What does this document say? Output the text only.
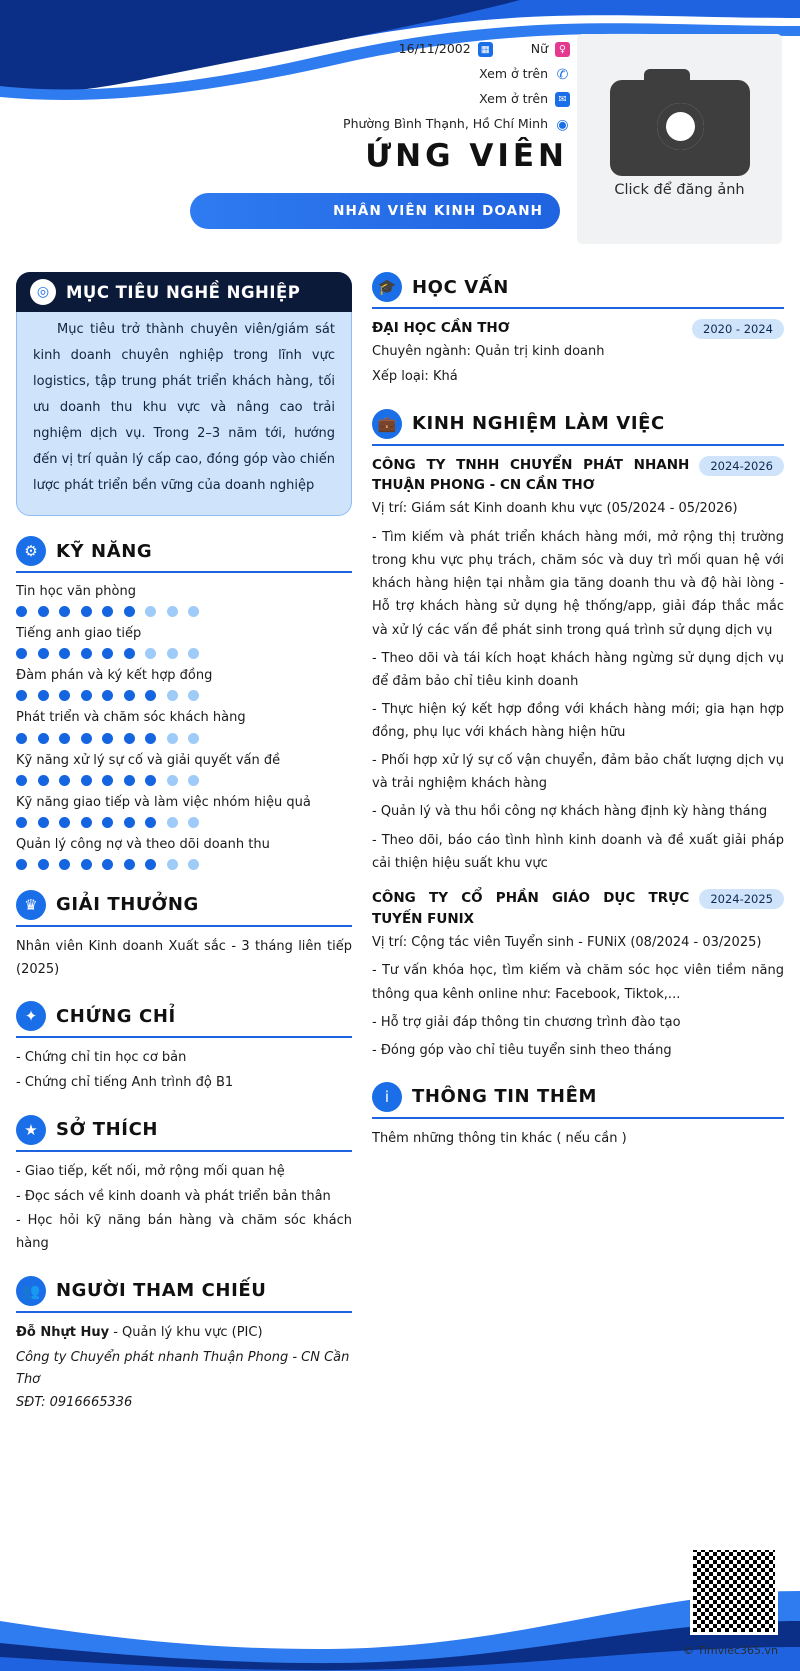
16/11/2002	▦	Nữ	♀
Xem ở trên ✆
Xem ở trên	✉
Phường Bình Thạnh, Hồ Chí Minh ◉
ỨNG VIÊN
NHÂN VIÊN KINH DOANH
Click để đăng ảnh
◎	MỤC TIÊU NGHỀ NGHIỆP
Mục tiêu trở thành chuyên viên/giám sát kinh doanh chuyên nghiệp trong lĩnh vực logistics, tập trung phát triển khách hàng, tối ưu doanh thu khu vực và nâng cao trải nghiệm dịch vụ. Trong 2–3 năm tới, hướng đến vị trí quản lý cấp cao, đóng góp vào chiến lược phát triển bền vững của doanh nghiệp
⚙	KỸ NĂNG
Tin học văn phòng
Tiếng anh giao tiếp
Đàm phán và ký kết hợp đồng
Phát triển và chăm sóc khách hàng
Kỹ năng xử lý sự cố và giải quyết vấn đề
Kỹ năng giao tiếp và làm việc nhóm hiệu quả
Quản lý công nợ và theo dõi doanh thu
♛	GIẢI THƯỞNG
Nhân viên Kinh doanh Xuất sắc - 3 tháng liên tiếp (2025)
✦	CHỨNG CHỈ
- Chứng chỉ tin học cơ bản
- Chứng chỉ tiếng Anh trình độ B1
★	SỞ THÍCH
- Giao tiếp, kết nối, mở rộng mối quan hệ
- Đọc sách về kinh doanh và phát triển bản thân
- Học hỏi kỹ năng bán hàng và chăm sóc khách hàng
👥 NGƯỜI THAM CHIẾU
Đỗ Nhựt Huy - Quản lý khu vực (PIC)
Công ty Chuyển phát nhanh Thuận Phong - CN Cần Thơ
SĐT: 0916665336
🎓 HỌC VẤN
ĐẠI HỌC CẦN THƠ	2020 - 2024
Chuyên ngành: Quản trị kinh doanh
Xếp loại: Khá
💼 KINH NGHIỆM LÀM VIỆC
CÔNG TY TNHH CHUYỂN PHÁT NHANH THUẬN PHONG - CN CẦN THƠ
2024-2026
Vị trí: Giám sát Kinh doanh khu vực (05/2024 - 05/2026)
- Tìm kiếm và phát triển khách hàng mới, mở rộng thị trường trong khu vực phụ trách, chăm sóc và duy trì mối quan hệ với khách hàng hiện tại nhằm gia tăng doanh thu và độ hài lòng - Hỗ trợ khách hàng sử dụng hệ thống/app, giải đáp thắc mắc và xử lý các vấn đề phát sinh trong quá trình sử dụng dịch vụ
- Theo dõi và tái kích hoạt khách hàng ngừng sử dụng dịch vụ để đảm bảo chỉ tiêu kinh doanh
- Thực hiện ký kết hợp đồng với khách hàng mới; gia hạn hợp đồng, phụ lục với khách hàng hiện hữu
- Phối hợp xử lý sự cố vận chuyển, đảm bảo chất lượng dịch vụ và trải nghiệm khách hàng
- Quản lý và thu hồi công nợ khách hàng định kỳ hàng tháng
- Theo dõi, báo cáo tình hình kinh doanh và đề xuất giải pháp cải thiện hiệu suất khu vực
CÔNG TY CỔ PHẦN GIÁO DỤC TRỰC TUYẾN FUNIX
2024-2025
Vị trí: Cộng tác viên Tuyển sinh - FUNiX (08/2024 - 03/2025)
- Tư vấn khóa học, tìm kiếm và chăm sóc học viên tiềm năng thông qua kênh online như: Facebook, Tiktok,...
- Hỗ trợ giải đáp thông tin chương trình đào tạo
- Đóng góp vào chỉ tiêu tuyển sinh theo tháng
i	THÔNG TIN THÊM
Thêm những thông tin khác ( nếu cần )
© Timviec365.vn
